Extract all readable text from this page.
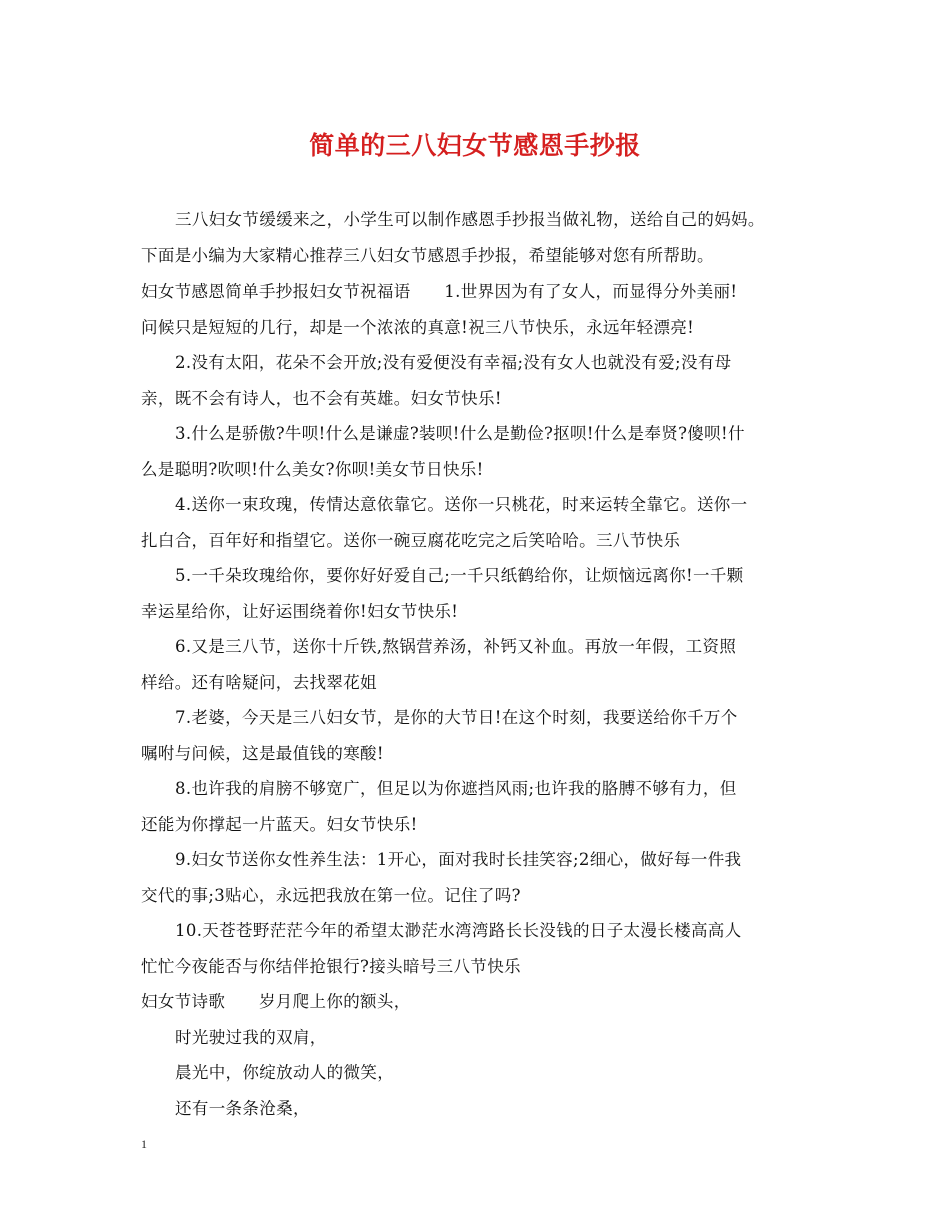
简单的三八妇女节感恩手抄报
三八妇女节缓缓来之，小学生可以制作感恩手抄报当做礼物，送给自己的妈妈。
下面是小编为大家精心推荐三八妇女节感恩手抄报，希望能够对您有所帮助。
妇女节感恩简单手抄报妇女节祝福语　　1.世界因为有了女人，而显得分外美丽!
问候只是短短的几行，却是一个浓浓的真意!祝三八节快乐，永远年轻漂亮!
2.没有太阳，花朵不会开放;没有爱便没有幸福;没有女人也就没有爱;没有母
亲，既不会有诗人，也不会有英雄。妇女节快乐!
3.什么是骄傲?牛呗!什么是谦虚?装呗!什么是勤俭?抠呗!什么是奉贤?傻呗!什
么是聪明?吹呗!什么美女?你呗!美女节日快乐!
4.送你一束玫瑰，传情达意依靠它。送你一只桃花，时来运转全靠它。送你一
扎白合，百年好和指望它。送你一碗豆腐花吃完之后笑哈哈。三八节快乐
5.一千朵玫瑰给你，要你好好爱自己;一千只纸鹤给你，让烦恼远离你!一千颗
幸运星给你，让好运围绕着你!妇女节快乐!
6.又是三八节，送你十斤铁,熬锅营养汤，补钙又补血。再放一年假，工资照
样给。还有啥疑问，去找翠花姐
7.老婆，今天是三八妇女节，是你的大节日!在这个时刻，我要送给你千万个
嘱咐与问候，这是最值钱的寒酸!
8.也许我的肩膀不够宽广，但足以为你遮挡风雨;也许我的胳膊不够有力，但
还能为你撑起一片蓝天。妇女节快乐!
9.妇女节送你女性养生法：1开心，面对我时长挂笑容;2细心，做好每一件我
交代的事;3贴心，永远把我放在第一位。记住了吗?
10.天苍苍野茫茫今年的希望太渺茫水湾湾路长长没钱的日子太漫长楼高高人
忙忙今夜能否与你结伴抢银行?接头暗号三八节快乐
妇女节诗歌　　岁月爬上你的额头，
时光驶过我的双肩，
晨光中，你绽放动人的微笑，
还有一条条沧桑，
1
